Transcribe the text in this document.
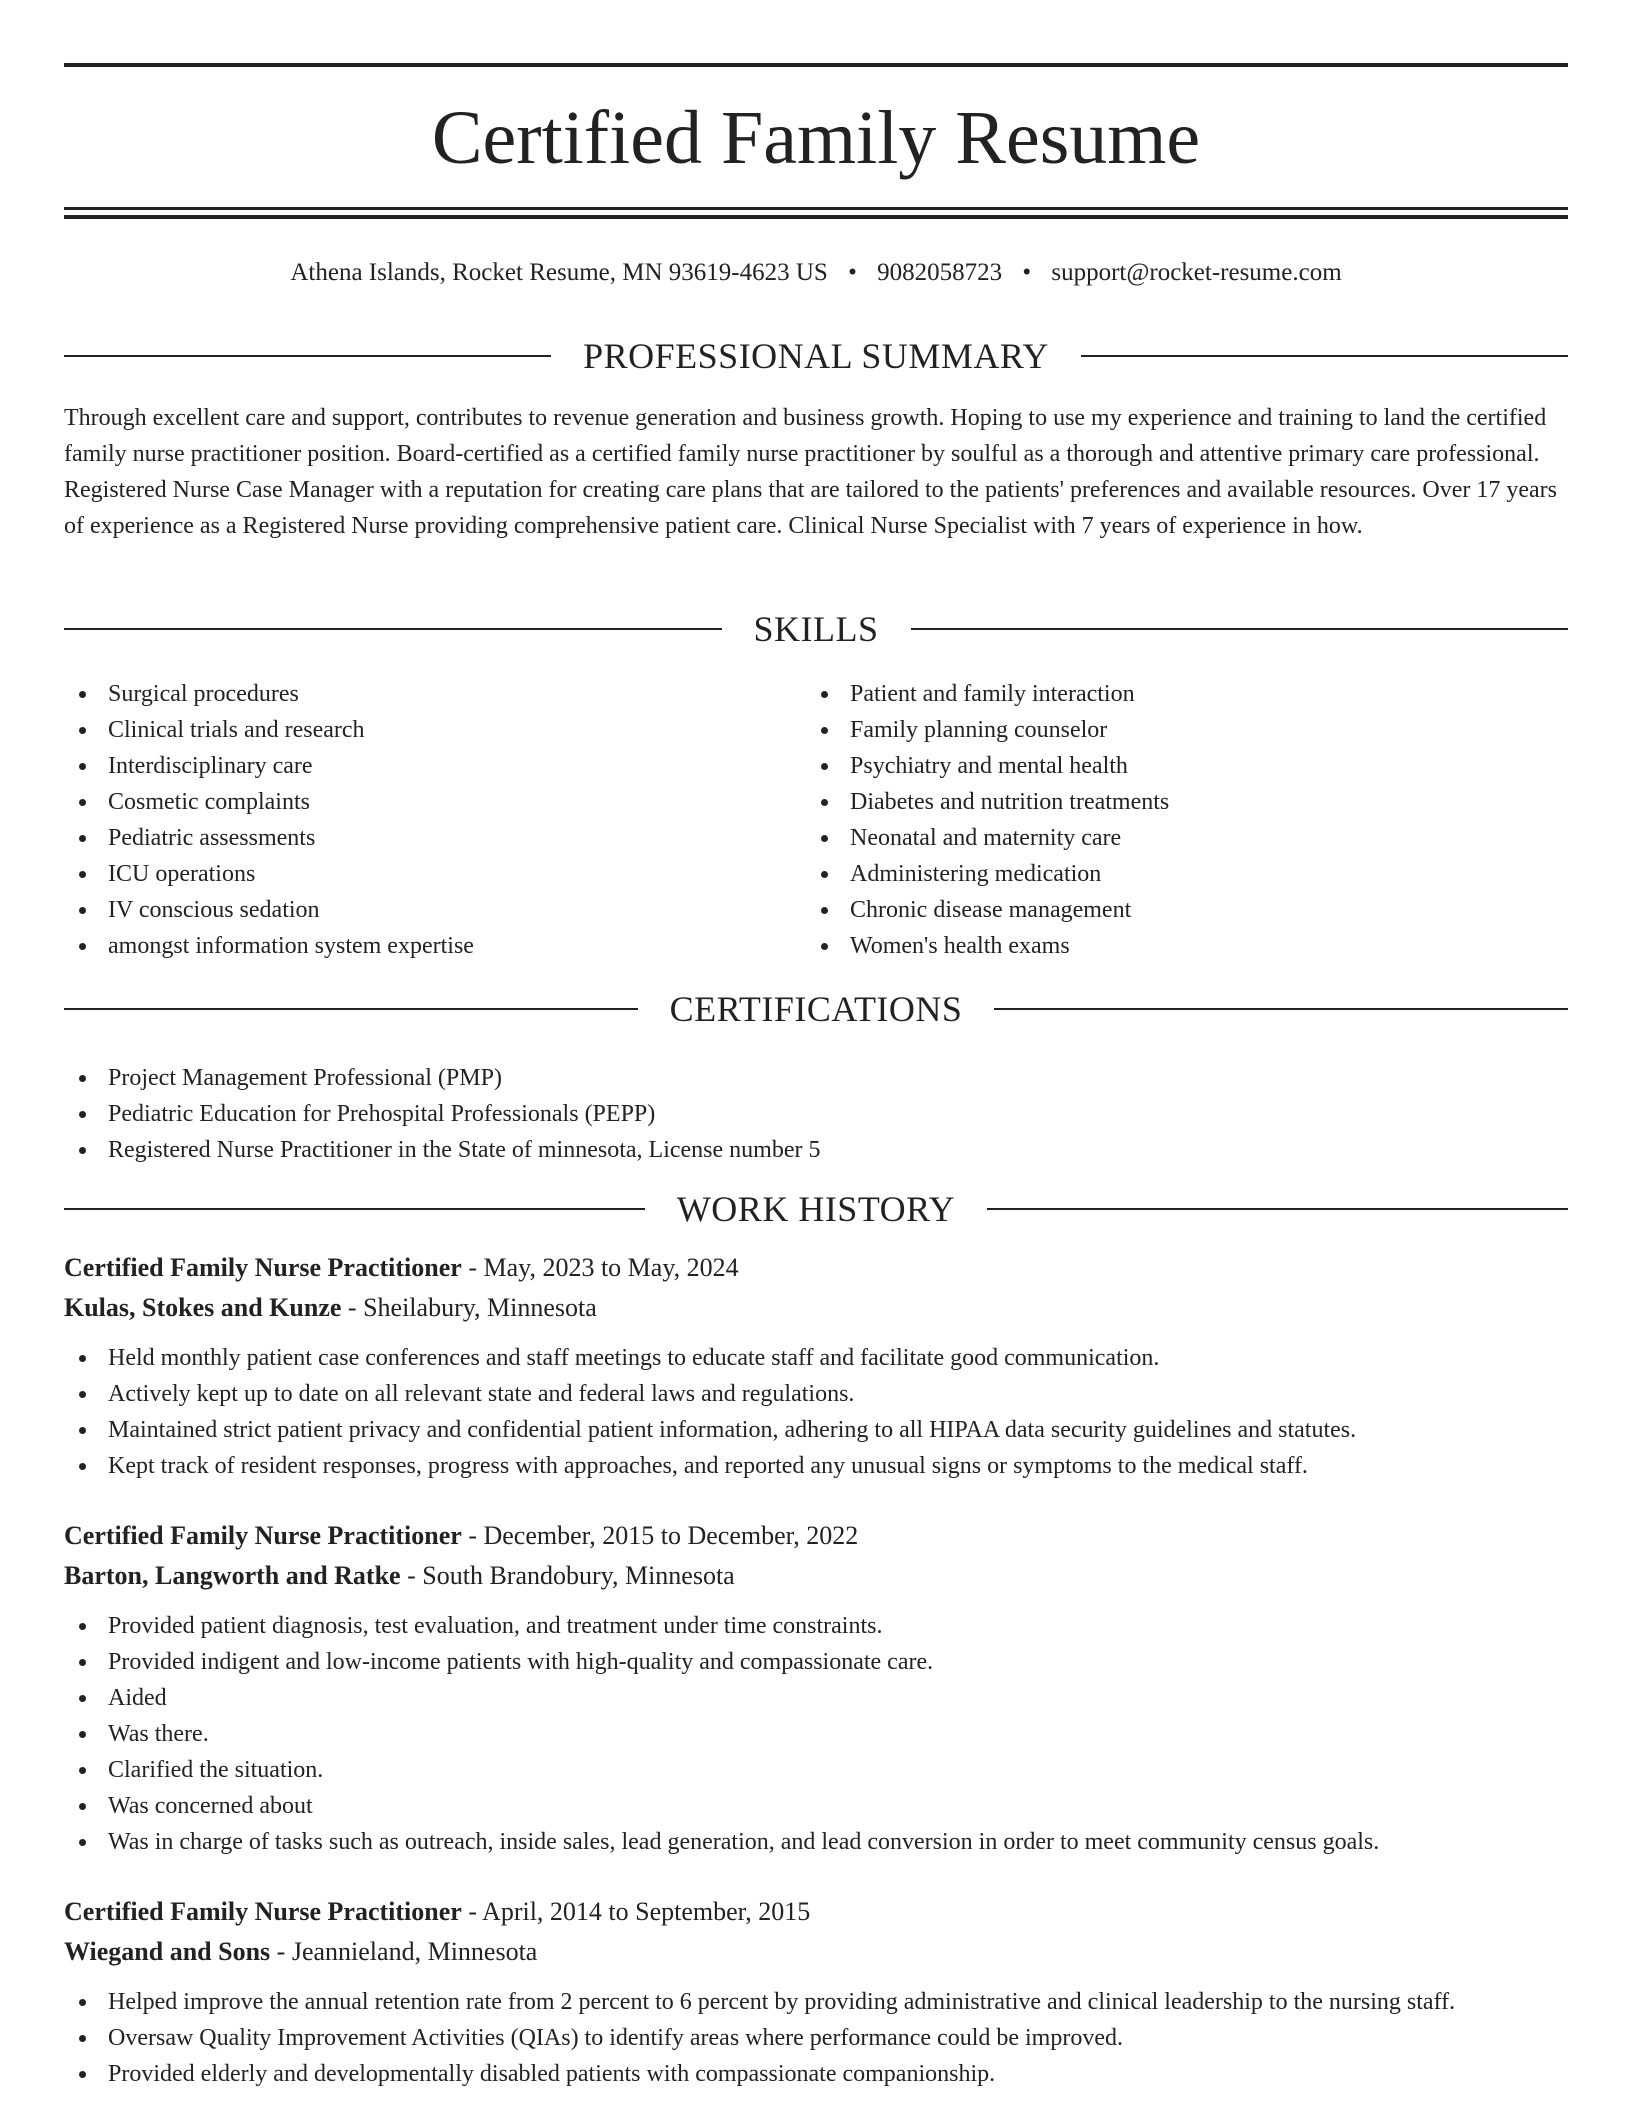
Certified Family Resume
Athena Islands, Rocket Resume, MN 93619-4623 US • 9082058723 • support@rocket-resume.com
PROFESSIONAL SUMMARY

Through excellent care and support, contributes to revenue generation and business growth. Hoping to use my experience and training to land the certified family nurse practitioner position. Board-certified as a certified family nurse practitioner by soulful as a thorough and attentive primary care professional. Registered Nurse Case Manager with a reputation for creating care plans that are tailored to the patients' preferences and available resources. Over 17 years of experience as a Registered Nurse providing comprehensive patient care. Clinical Nurse Specialist with 7 years of experience in how.

SKILLS
Surgical procedures
Clinical trials and research
Interdisciplinary care
Cosmetic complaints
Pediatric assessments
ICU operations
IV conscious sedation
amongst information system expertise
Patient and family interaction
Family planning counselor
Psychiatry and mental health
Diabetes and nutrition treatments
Neonatal and maternity care
Administering medication
Chronic disease management
Women's health exams
CERTIFICATIONS
Project Management Professional (PMP)
Pediatric Education for Prehospital Professionals (PEPP)
Registered Nurse Practitioner in the State of minnesota, License number 5
WORK HISTORY
Certified Family Nurse Practitioner - May, 2023 to May, 2024
Kulas, Stokes and Kunze - Sheilabury, Minnesota
Held monthly patient case conferences and staff meetings to educate staff and facilitate good communication.
Actively kept up to date on all relevant state and federal laws and regulations.
Maintained strict patient privacy and confidential patient information, adhering to all HIPAA data security guidelines and statutes.
Kept track of resident responses, progress with approaches, and reported any unusual signs or symptoms to the medical staff.
Certified Family Nurse Practitioner - December, 2015 to December, 2022
Barton, Langworth and Ratke - South Brandobury, Minnesota
Provided patient diagnosis, test evaluation, and treatment under time constraints.
Provided indigent and low-income patients with high-quality and compassionate care.
Aided
Was there.
Clarified the situation.
Was concerned about
Was in charge of tasks such as outreach, inside sales, lead generation, and lead conversion in order to meet community census goals.
Certified Family Nurse Practitioner - April, 2014 to September, 2015
Wiegand and Sons - Jeannieland, Minnesota
Helped improve the annual retention rate from 2 percent to 6 percent by providing administrative and clinical leadership to the nursing staff.
Oversaw Quality Improvement Activities (QIAs) to identify areas where performance could be improved.
Provided elderly and developmentally disabled patients with compassionate companionship.
